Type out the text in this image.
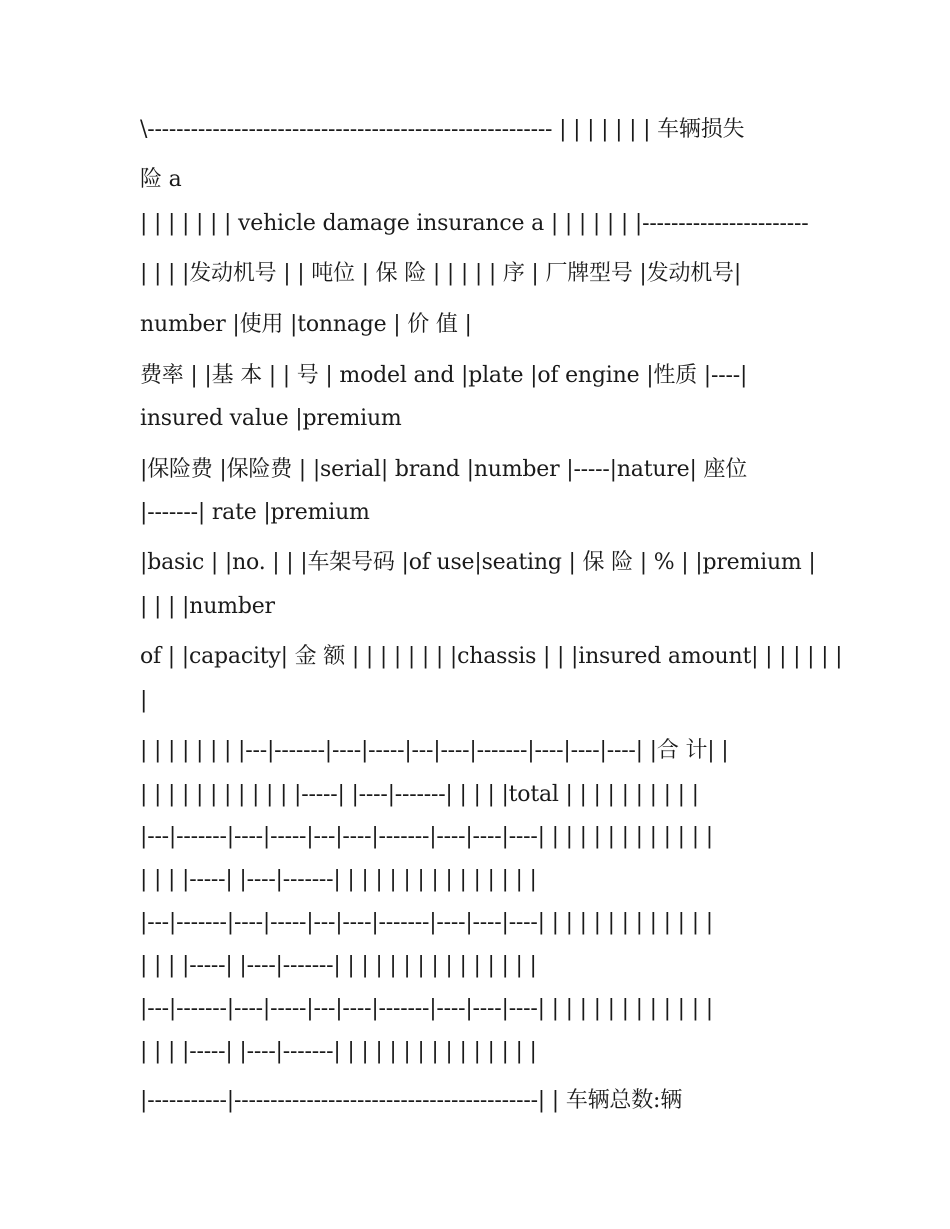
\-------------------------------------------------------- | | | | | | | 车辆损失
险 a
| | | | | | | vehicle damage insurance a | | | | | | |-----------------------
| | | |发动机号 | | 吨位 | 保 险 | | | | | 序 | 厂牌型号 |发动机号|
number |使用 |tonnage | 价 值 |
费率 | |基 本 | | 号 | model and |plate |of engine |性质 |----|
insured value |premium
|保险费 |保险费 | |serial| brand |number |-----|nature| 座位
|-------| rate |premium
|basic | |no. | | |车架号码 |of use|seating | 保 险 | % | |premium |
| | | |number
of | |capacity| 金 额 | | | | | | | |chassis | | |insured amount| | | | | | |
|
| | | | | | | |---|-------|----|-----|---|----|-------|----|----|----| |合 计| |
| | | | | | | | | | | |-----| |----|-------| | | | |total | | | | | | | | | |
|---|-------|----|-----|---|----|-------|----|----|----| | | | | | | | | | | | |
| | | |-----| |----|-------| | | | | | | | | | | | | | |
|---|-------|----|-----|---|----|-------|----|----|----| | | | | | | | | | | | |
| | | |-----| |----|-------| | | | | | | | | | | | | | |
|---|-------|----|-----|---|----|-------|----|----|----| | | | | | | | | | | | |
| | | |-----| |----|-------| | | | | | | | | | | | | | |
|-----------|------------------------------------------| | 车辆总数:辆
